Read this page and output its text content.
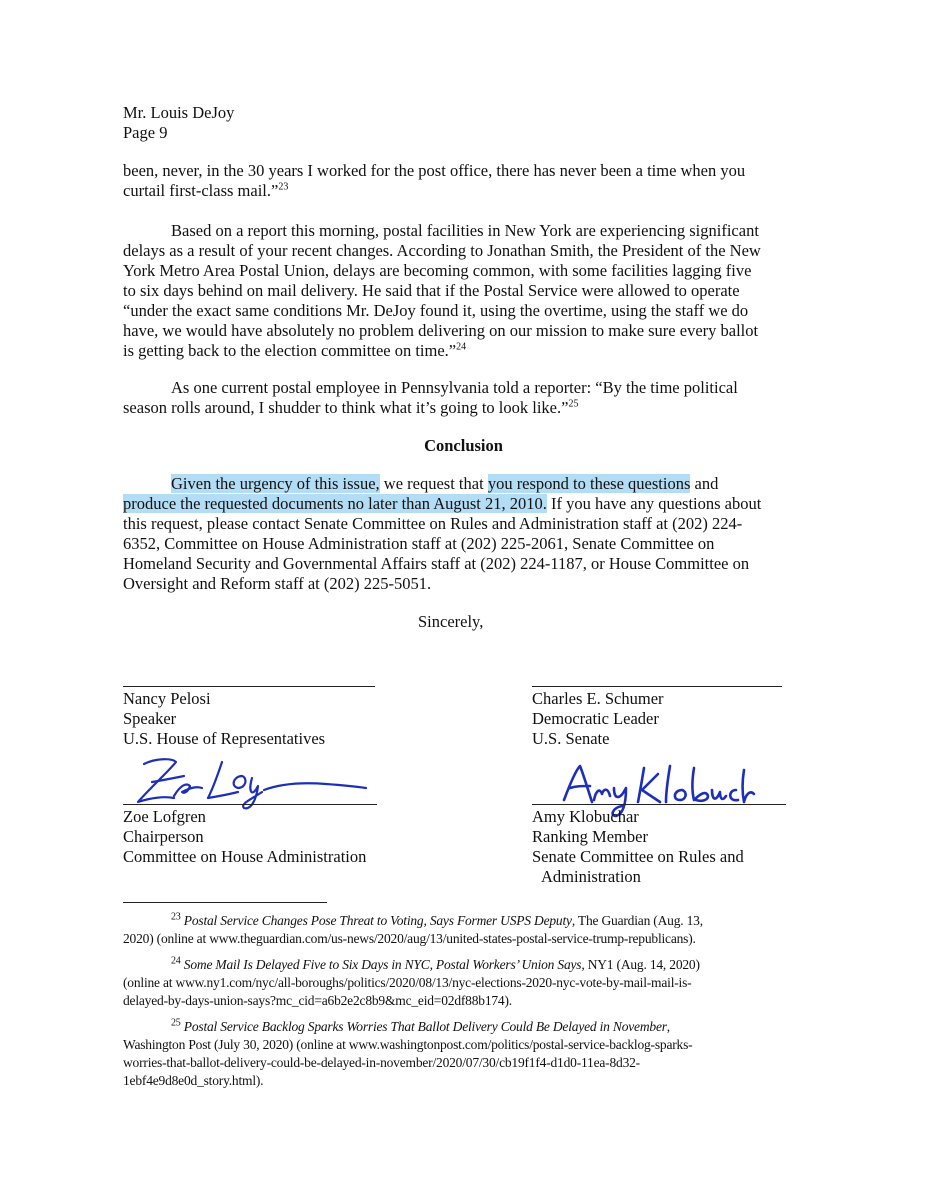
Mr. Louis DeJoy
Page 9
been, never, in the 30 years I worked for the post office, there has never been a time when you
curtail first-class mail.”$^{23}$
Based on a report this morning, postal facilities in New York are experiencing significant
delays as a result of your recent changes. According to Jonathan Smith, the President of the New
York Metro Area Postal Union, delays are becoming common, with some facilities lagging five
to six days behind on mail delivery. He said that if the Postal Service were allowed to operate
“under the exact same conditions Mr. DeJoy found it, using the overtime, using the staff we do
have, we would have absolutely no problem delivering on our mission to make sure every ballot
is getting back to the election committee on time.”$^{24}$
As one current postal employee in Pennsylvania told a reporter: “By the time political
season rolls around, I shudder to think what it’s going to look like.”$^{25}$
Conclusion
Given the urgency of this issue, we request that you respond to these questions and
produce the requested documents no later than August 21, 2010. If you have any questions about
this request, please contact Senate Committee on Rules and Administration staff at (202) 224-
6352, Committee on House Administration staff at (202) 225-2061, Senate Committee on
Homeland Security and Governmental Affairs staff at (202) 224-1187, or House Committee on
Oversight and Reform staff at (202) 225-5051.
Sincerely,
Nancy Pelosi
Speaker
U.S. House of Representatives
Charles E. Schumer
Democratic Leader
U.S. Senate
Zoe Lofgren
Chairperson
Committee on House Administration
Amy Klobuchar
Ranking Member
Senate Committee on Rules and
Administration
$^{23}$ Postal Service Changes Pose Threat to Voting, Says Former USPS Deputy, The Guardian (Aug. 13,
2020) (online at www.theguardian.com/us-news/2020/aug/13/united-states-postal-service-trump-republicans).
$^{24}$ Some Mail Is Delayed Five to Six Days in NYC, Postal Workers’ Union Says, NY1 (Aug. 14, 2020)
(online at www.ny1.com/nyc/all-boroughs/politics/2020/08/13/nyc-elections-2020-nyc-vote-by-mail-mail-is-
delayed-by-days-union-says?mc_cid=a6b2e2c8b9&mc_eid=02df88b174).
$^{25}$ Postal Service Backlog Sparks Worries That Ballot Delivery Could Be Delayed in November,
Washington Post (July 30, 2020) (online at www.washingtonpost.com/politics/postal-service-backlog-sparks-
worries-that-ballot-delivery-could-be-delayed-in-november/2020/07/30/cb19f1f4-d1d0-11ea-8d32-
1ebf4e9d8e0d_story.html).
